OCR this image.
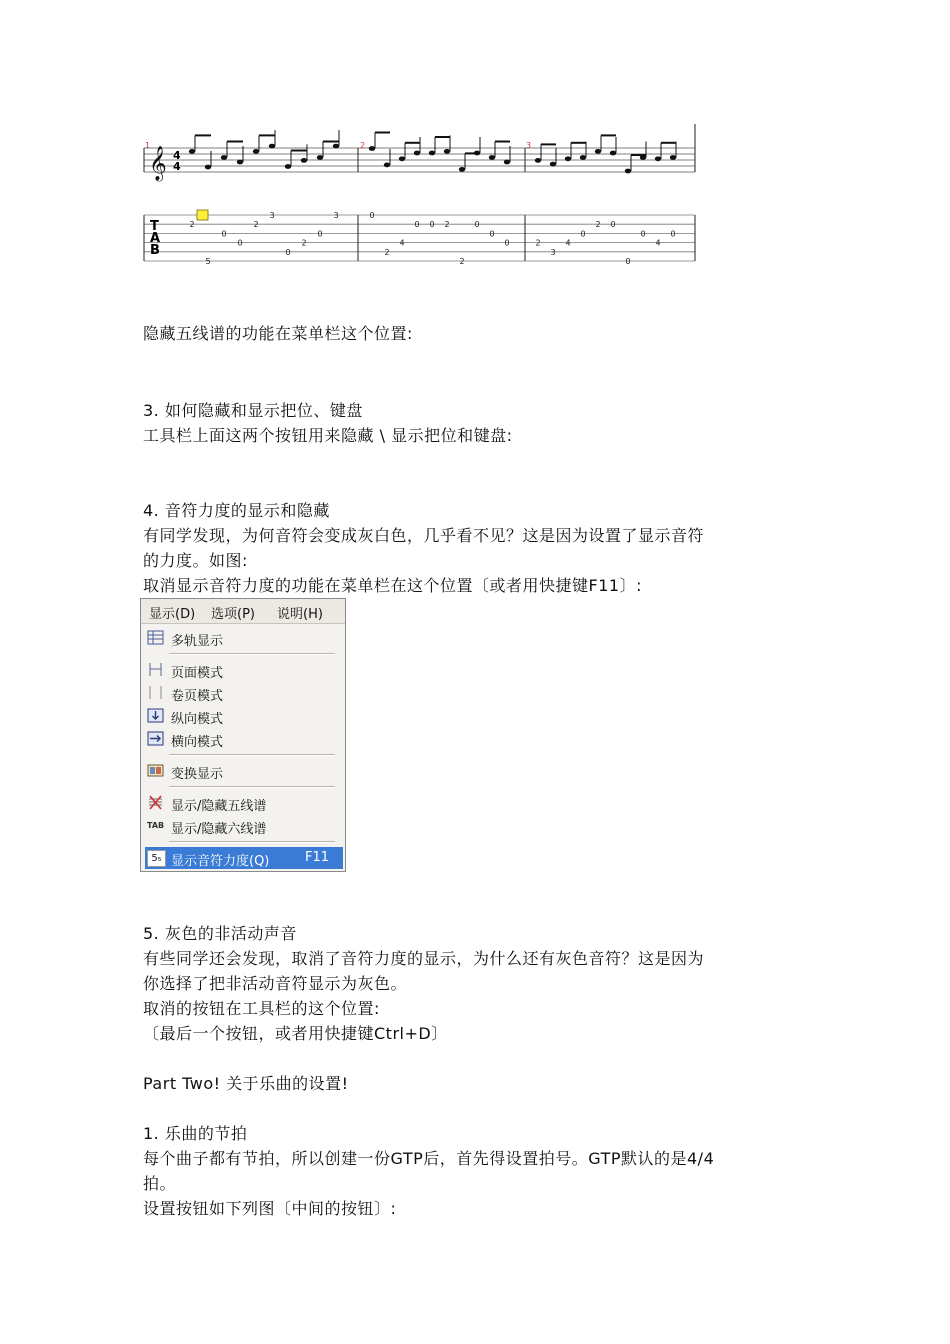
2
5
0
0
2
3
0
2
0
3	0
2
4
0 0 2
2
0
0
0	2
3
4
0
2 0
0
0
4
0
𝄞 4
4
T
A
B
1	2	3
隐藏五线谱的功能在菜单栏这个位置:
3. 如何隐藏和显示把位、键盘
工具栏上面这两个按钮用来隐藏 \ 显示把位和键盘:
4. 音符力度的显示和隐藏
有同学发现，为何音符会变成灰白色，几乎看不见？这是因为设置了显示音符
的力度。如图:
取消显示音符力度的功能在菜单栏在这个位置〔或者用快捷键F11〕:
显示(D) 选项(P) 说明(H)
多轨显示
页面模式
卷页模式
纵向模式
横向模式
变换显示
显示/隐藏五线谱
TAB 显示/隐藏六线谱
5₅ 显示音符力度(Q)	F11
5. 灰色的非活动声音
有些同学还会发现，取消了音符力度的显示，为什么还有灰色音符？这是因为
你选择了把非活动音符显示为灰色。
取消的按钮在工具栏的这个位置:
〔最后一个按钮，或者用快捷键Ctrl+D〕
Part Two! 关于乐曲的设置!
1. 乐曲的节拍
每个曲子都有节拍，所以创建一份GTP后，首先得设置拍号。GTP默认的是4/4
拍。
设置按钮如下列图〔中间的按钮〕:
